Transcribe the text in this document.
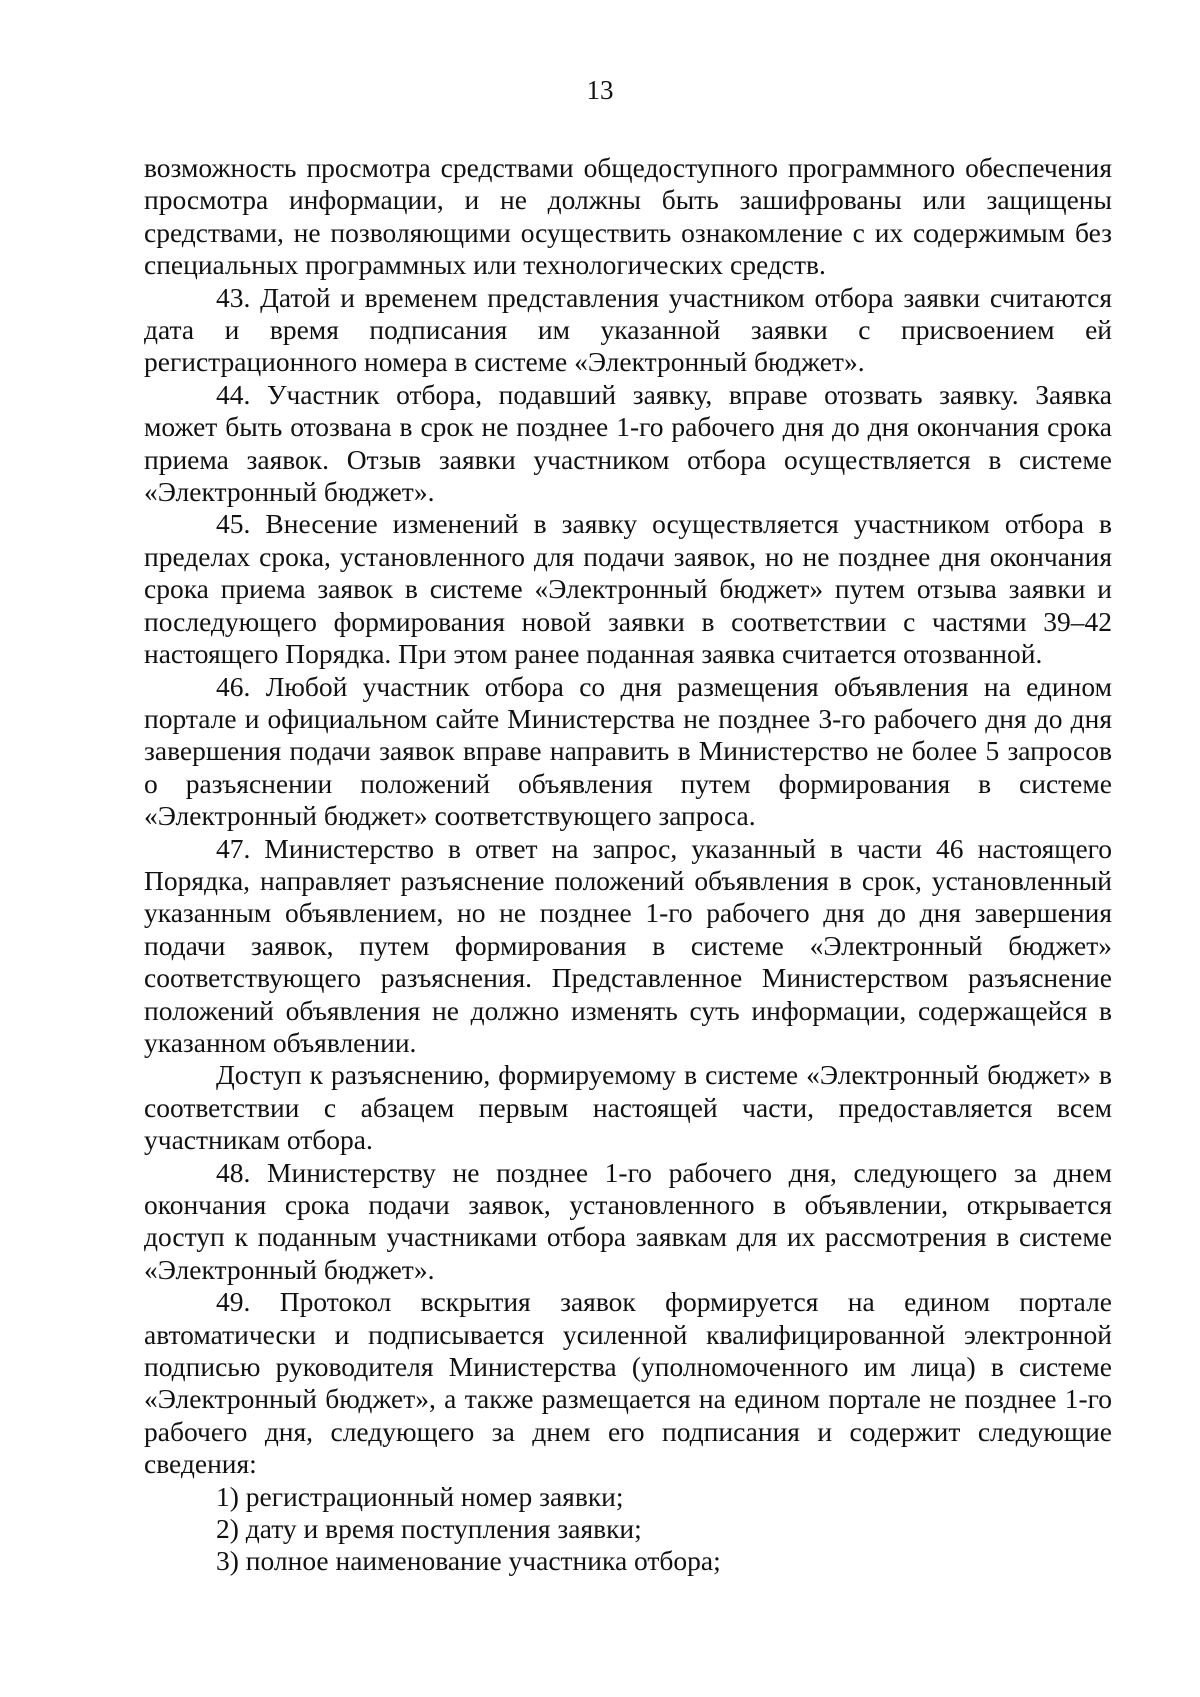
13

возможность просмотра средствами общедоступного программного обеспечения просмотра информации, и не должны быть зашифрованы или защищены средствами, не позволяющими осуществить ознакомление с их содержимым без специальных программных или технологических средств.

43. Датой и временем представления участником отбора заявки считаются дата и время подписания им указанной заявки с присвоением ей регистрационного номера в системе «Электронный бюджет».

44. Участник отбора, подавший заявку, вправе отозвать заявку. Заявка может быть отозвана в срок не позднее 1-го рабочего дня до дня окончания срока приема заявок. Отзыв заявки участником отбора осуществляется в системе «Электронный бюджет».

45. Внесение изменений в заявку осуществляется участником отбора в пределах срока, установленного для подачи заявок, но не позднее дня окончания срока приема заявок в системе «Электронный бюджет» путем отзыва заявки и последующего формирования новой заявки в соответствии с частями 39–42 настоящего Порядка. При этом ранее поданная заявка считается отозванной.

46. Любой участник отбора со дня размещения объявления на едином портале и официальном сайте Министерства не позднее 3-го рабочего дня до дня завершения подачи заявок вправе направить в Министерство не более 5 запросов о разъяснении положений объявления путем формирования в системе «Электронный бюджет» соответствующего запроса.

47. Министерство в ответ на запрос, указанный в части 46 настоящего Порядка, направляет разъяснение положений объявления в срок, установленный указанным объявлением, но не позднее 1-го рабочего дня до дня завершения подачи заявок, путем формирования в системе «Электронный бюджет» соответствующего разъяснения. Представленное Министерством разъяснение положений объявления не должно изменять суть информации, содержащейся в указанном объявлении.

Доступ к разъяснению, формируемому в системе «Электронный бюджет» в соответствии с абзацем первым настоящей части, предоставляется всем участникам отбора.

48. Министерству не позднее 1-го рабочего дня, следующего за днем окончания срока подачи заявок, установленного в объявлении, открывается доступ к поданным участниками отбора заявкам для их рассмотрения в системе «Электронный бюджет».

49. Протокол вскрытия заявок формируется на едином портале автоматически и подписывается усиленной квалифицированной электронной подписью руководителя Министерства (уполномоченного им лица) в системе «Электронный бюджет», а также размещается на едином портале не позднее 1-го рабочего дня, следующего за днем его подписания и содержит следующие сведения:

1) регистрационный номер заявки;

2) дату и время поступления заявки;

3) полное наименование участника отбора;
